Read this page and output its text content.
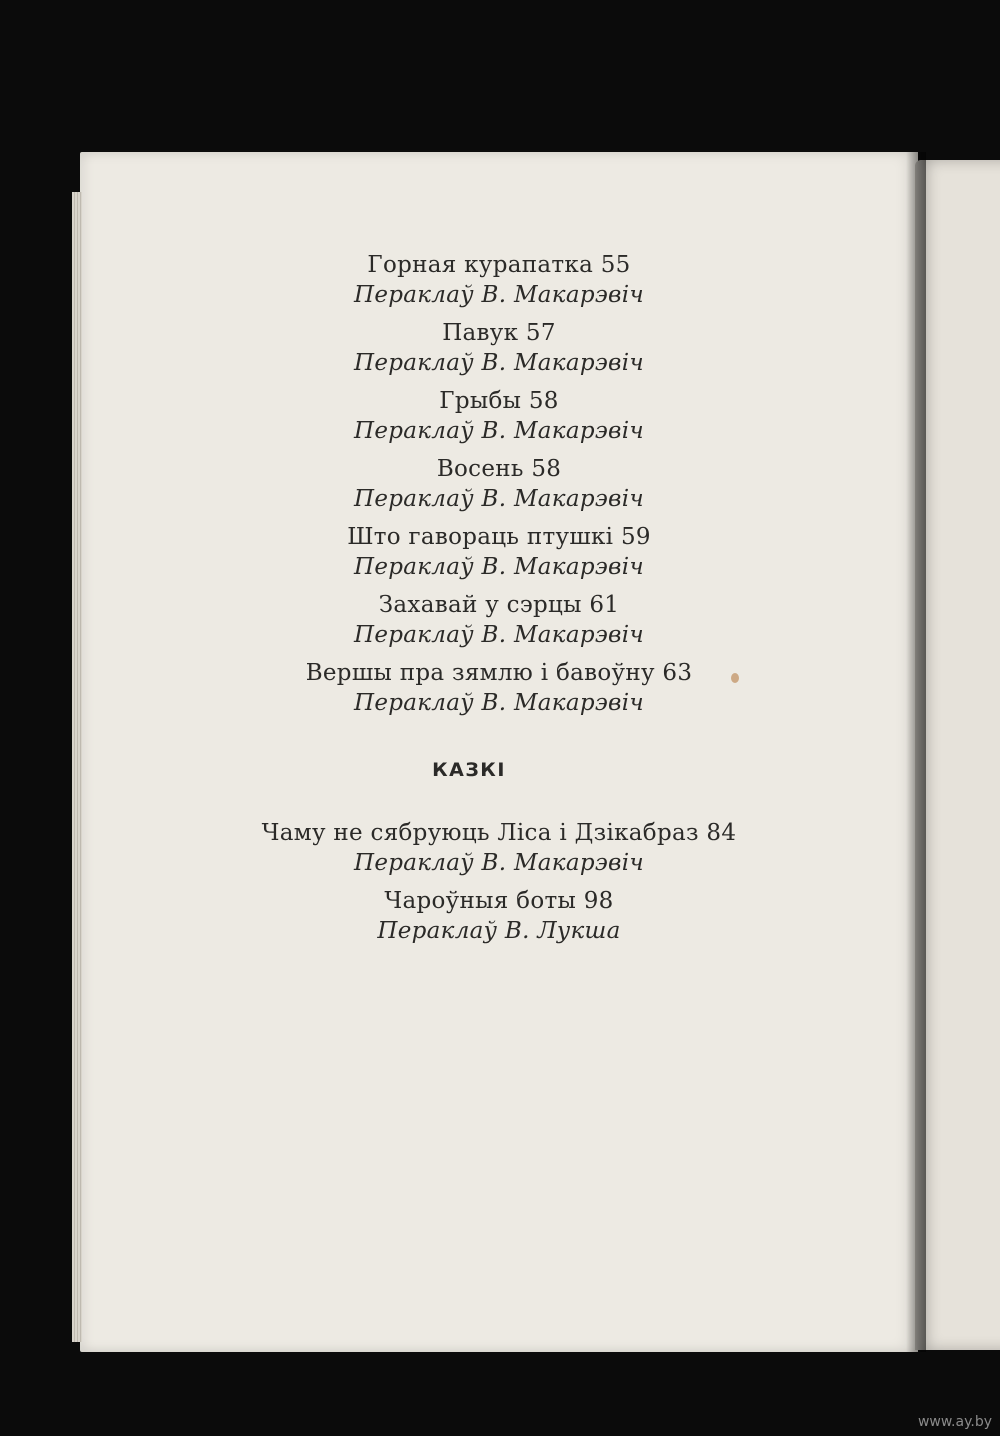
Горная курапатка 55
Пераклаў В. Макарэвіч
Павук 57
Пераклаў В. Макарэвіч
Грыбы 58
Пераклаў В. Макарэвіч
Восень 58
Пераклаў В. Макарэвіч
Што гавораць птушкі 59
Пераклаў В. Макарэвіч
Захавай у сэрцы 61
Пераклаў В. Макарэвіч
Вершы пра зямлю і бавоўну 63
Пераклаў В. Макарэвіч
КАЗКІ
Чаму не сябруюць Ліса і Дзікабраз 84
Пераклаў В. Макарэвіч
Чароўныя боты 98
Пераклаў В. Лукша
www.ay.by
